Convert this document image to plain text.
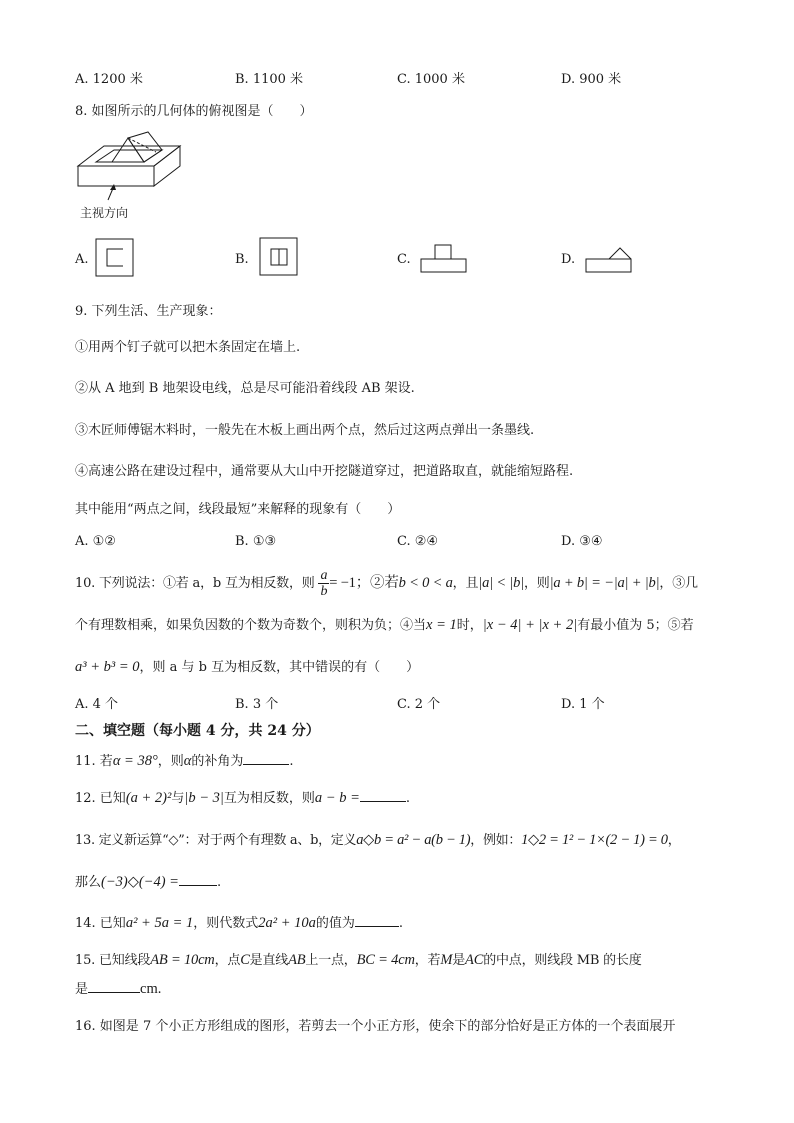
A. 1200 米	B. 1100 米	C. 1000 米	D. 900 米
8. 如图所示的几何体的俯视图是（　　）
主视方向
A.	B.	C.	D.
9. 下列生活、生产现象：
①用两个钉子就可以把木条固定在墙上.
②从 A 地到 B 地架设电线，总是尽可能沿着线段 AB 架设.
③木匠师傅锯木料时，一般先在木板上画出两个点，然后过这两点弹出一条墨线.
④高速公路在建设过程中，通常要从大山中开挖隧道穿过，把道路取直，就能缩短路程.
其中能用“两点之间，线段最短”来解释的现象有（　　）
A. ①②	B. ①③	C. ②④	D. ③④
10. 下列说法：①若 a，b 互为相反数，则 $\frac{a}{b} = -1$；②若b < 0 < a，且|a| < |b|，则|a + b| = −|a| + |b|，③几
个有理数相乘，如果负因数的个数为奇数个，则积为负；④当x = 1时，|x − 4| + |x + 2|有最小值为 5；⑤若
a³ + b³ = 0，则 a 与 b 互为相反数，其中错误的有（　　）
A. 4 个	B. 3 个	C. 2 个	D. 1 个
二、填空题（每小题 4 分，共 24 分）
11. 若α = 38°，则α的补角为	.
12. 已知(a + 2)²与|b − 3|互为相反数，则a − b =	.
13. 定义新运算“◇”：对于两个有理数 a、b，定义a◇b = a² − a(b − 1)，例如：1◇2 = 1² − 1×(2 − 1) = 0，
那么(−3)◇(−4) =	.
14. 已知a² + 5a = 1，则代数式2a² + 10a的值为	.
15. 已知线段AB = 10cm，点C是直线AB上一点，BC = 4cm，若M是AC的中点，则线段 MB 的长度
是	cm.
16. 如图是 7 个小正方形组成的图形，若剪去一个小正方形，使余下的部分恰好是正方体的一个表面展开
